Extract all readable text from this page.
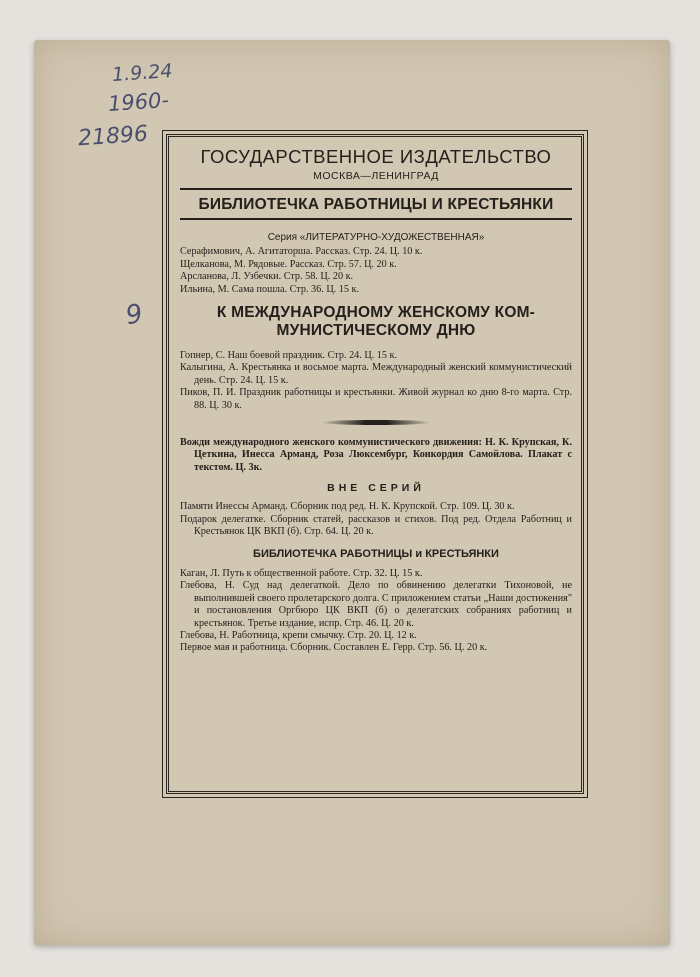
1.9.24
1960-
21896
9

ГОСУДАРСТВЕННОЕ ИЗДАТЕЛЬСТВО

МОСКВА—ЛЕНИНГРАД

БИБЛИОТЕЧКА РАБОТНИЦЫ И КРЕСТЬЯНКИ

Серия «ЛИТЕРАТУРНО-ХУДОЖЕСТВЕННАЯ»

Серафимович, А. Агитаторша. Рассказ. Стр. 24. Ц. 10 к.

Щелканова, М. Рядовые. Рассказ. Стр. 57. Ц. 20 к.

Арсланова, Л. Узбечки. Стр. 58. Ц. 20 к.

Ильина, М. Сама пошла. Стр. 36. Ц. 15 к.

К МЕЖДУНАРОДНОМУ ЖЕНСКОМУ КОМ-
МУНИСТИЧЕСКОМУ ДНЮ

Гопнер, С. Наш боевой праздник. Стр. 24. Ц. 15 к.

Калыгина, А. Крестьянка и восьмое марта. Международный женский коммунистический день. Стр. 24. Ц. 15 к.

Пиков, П. И. Праздник работницы и крестьянки. Живой журнал ко дню 8-го марта. Стр. 88. Ц. 30 к.

Вожди международного женского коммунистического движения: Н. К. Крупская, К. Цеткина, Инесса Арманд, Роза Люксембург, Конкордия Самойлова. Плакат с текстом. Ц. 3к.

ВНЕ СЕРИЙ

Памяти Инессы Арманд. Сборник под ред. Н. К. Крупской. Стр. 109. Ц. 30 к.

Подарок делегатке. Сборник статей, рассказов и стихов. Под ред. Отдела Работниц и Крестьянок ЦК ВКП (б). Стр. 64. Ц. 20 к.

БИБЛИОТЕЧКА РАБОТНИЦЫ и КРЕСТЬЯНКИ

Каган, Л. Путь к общественной работе. Стр. 32. Ц. 15 к.

Глебова, Н. Суд над делегаткой. Дело по обвинению делегатки Тихоновой, не выполнившей своего пролетарского долга. С приложением статьи „Наши достижения" и постановления Оргбюро ЦК ВКП (б) о делегатских собраниях работниц и крестьянок. Третье издание, испр. Стр. 46. Ц. 20 к.

Глебова, Н. Работница, крепи смычку. Стр. 20. Ц. 12 к.

Первое мая и работница. Сборник. Составлен Е. Герр. Стр. 56. Ц. 20 к.
